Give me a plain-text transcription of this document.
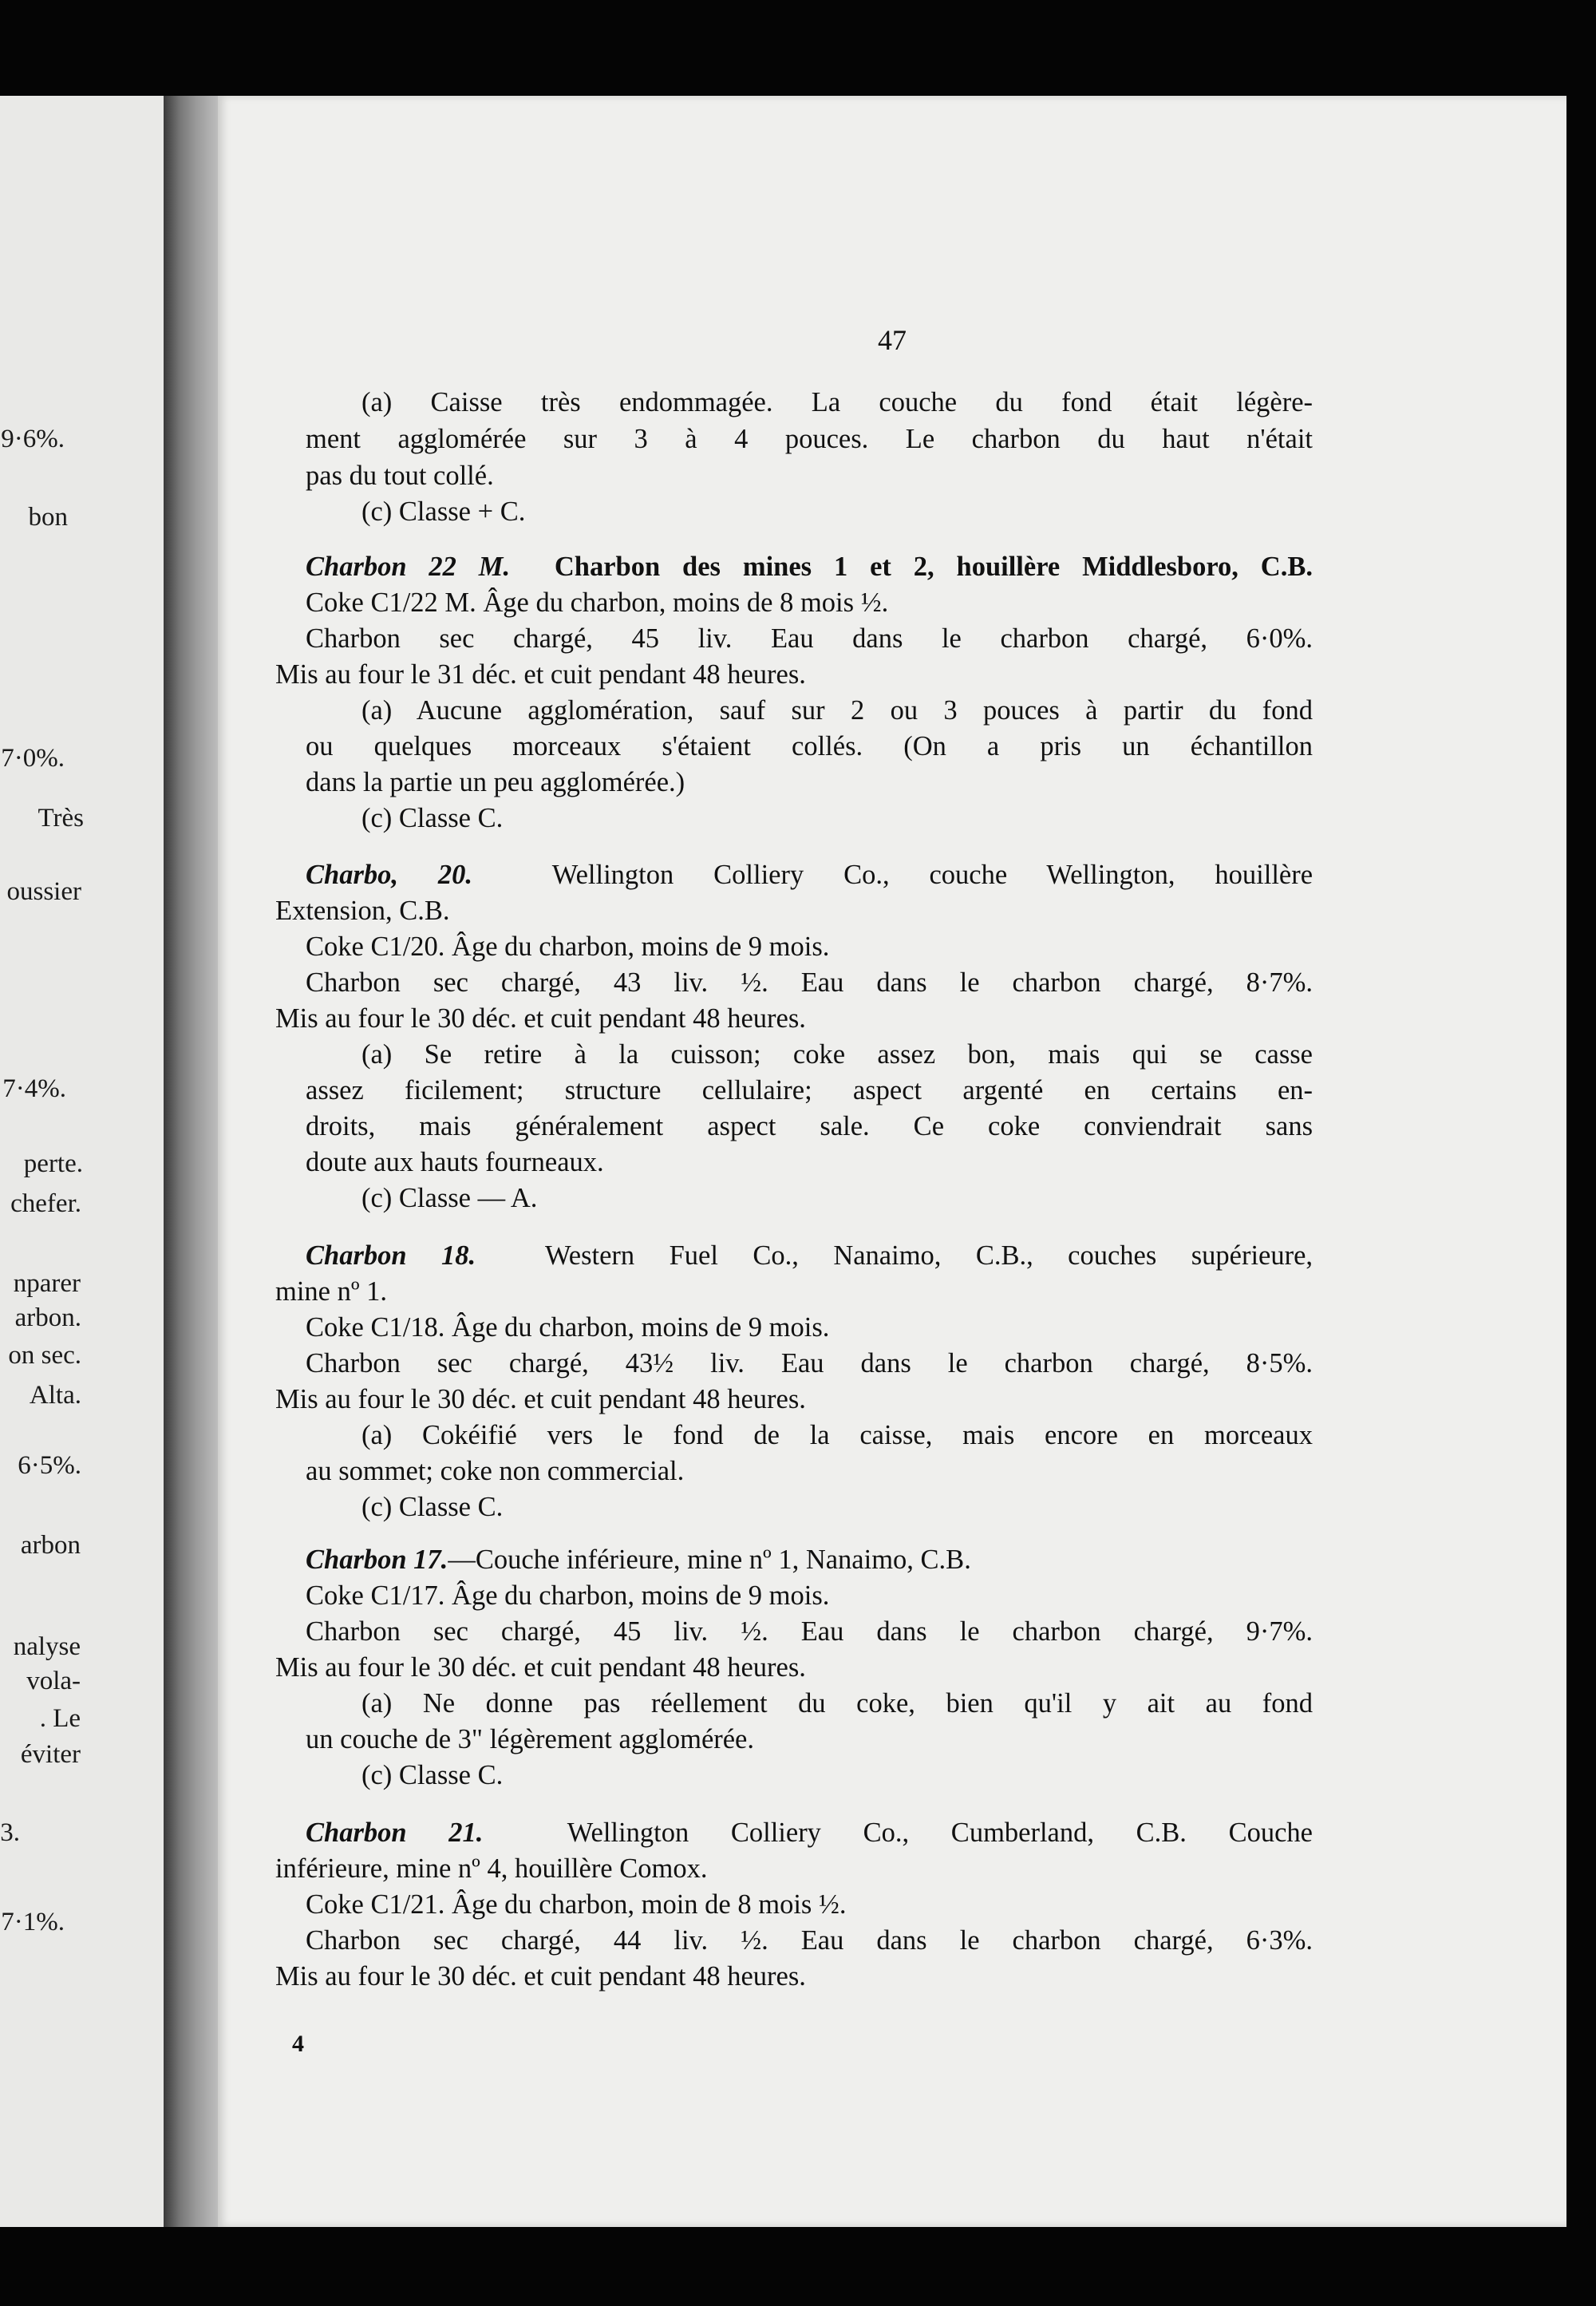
9·6%.
bon
7·0%.
Très
oussier
7·4%.
perte.
chefer.
nparer
arbon.
on sec.
Alta.
6·5%.
arbon
nalyse
vola-
. Le
éviter
3.
7·1%.
47
(a) Caisse très endommagée. La couche du fond était légère-
ment agglomérée sur 3 à 4 pouces. Le charbon du haut n'était
pas du tout collé.
(c) Classe + C.
Charbon 22 M. Charbon des mines 1 et 2, houillère Middlesboro, C.B.
Coke C1/22 M. Âge du charbon, moins de 8 mois ½.
Charbon sec chargé, 45 liv. Eau dans le charbon chargé, 6·0%.
Mis au four le 31 déc. et cuit pendant 48 heures.
(a) Aucune agglomération, sauf sur 2 ou 3 pouces à partir du fond
ou quelques morceaux s'étaient collés. (On a pris un échantillon
dans la partie un peu agglomérée.)
(c) Classe C.
Charbo, 20.	Wellington Colliery Co., couche Wellington, houillère
Extension, C.B.
Coke C1/20. Âge du charbon, moins de 9 mois.
Charbon sec chargé, 43 liv. ½. Eau dans le charbon chargé, 8·7%.
Mis au four le 30 déc. et cuit pendant 48 heures.
(a) Se retire à la cuisson; coke assez bon, mais qui se casse
assez ficilement; structure cellulaire; aspect argenté en certains en-
droits, mais généralement aspect sale. Ce coke conviendrait sans
doute aux hauts fourneaux.
(c) Classe — A.
Charbon 18.	Western Fuel Co., Nanaimo, C.B., couches supérieure,
mine nº 1.
Coke C1/18. Âge du charbon, moins de 9 mois.
Charbon sec chargé, 43½ liv. Eau dans le charbon chargé, 8·5%.
Mis au four le 30 déc. et cuit pendant 48 heures.
(a) Cokéifié vers le fond de la caisse, mais encore en morceaux
au sommet; coke non commercial.
(c) Classe C.
Charbon 17.—Couche inférieure, mine nº 1, Nanaimo, C.B.
Coke C1/17. Âge du charbon, moins de 9 mois.
Charbon sec chargé, 45 liv. ½. Eau dans le charbon chargé, 9·7%.
Mis au four le 30 déc. et cuit pendant 48 heures.
(a) Ne donne pas réellement du coke, bien qu'il y ait au fond
un couche de 3" légèrement agglomérée.
(c) Classe C.
Charbon 21.	Wellington Colliery Co., Cumberland, C.B. Couche
inférieure, mine nº 4, houillère Comox.
Coke C1/21. Âge du charbon, moin de 8 mois ½.
Charbon sec chargé, 44 liv. ½. Eau dans le charbon chargé, 6·3%.
Mis au four le 30 déc. et cuit pendant 48 heures.
4
